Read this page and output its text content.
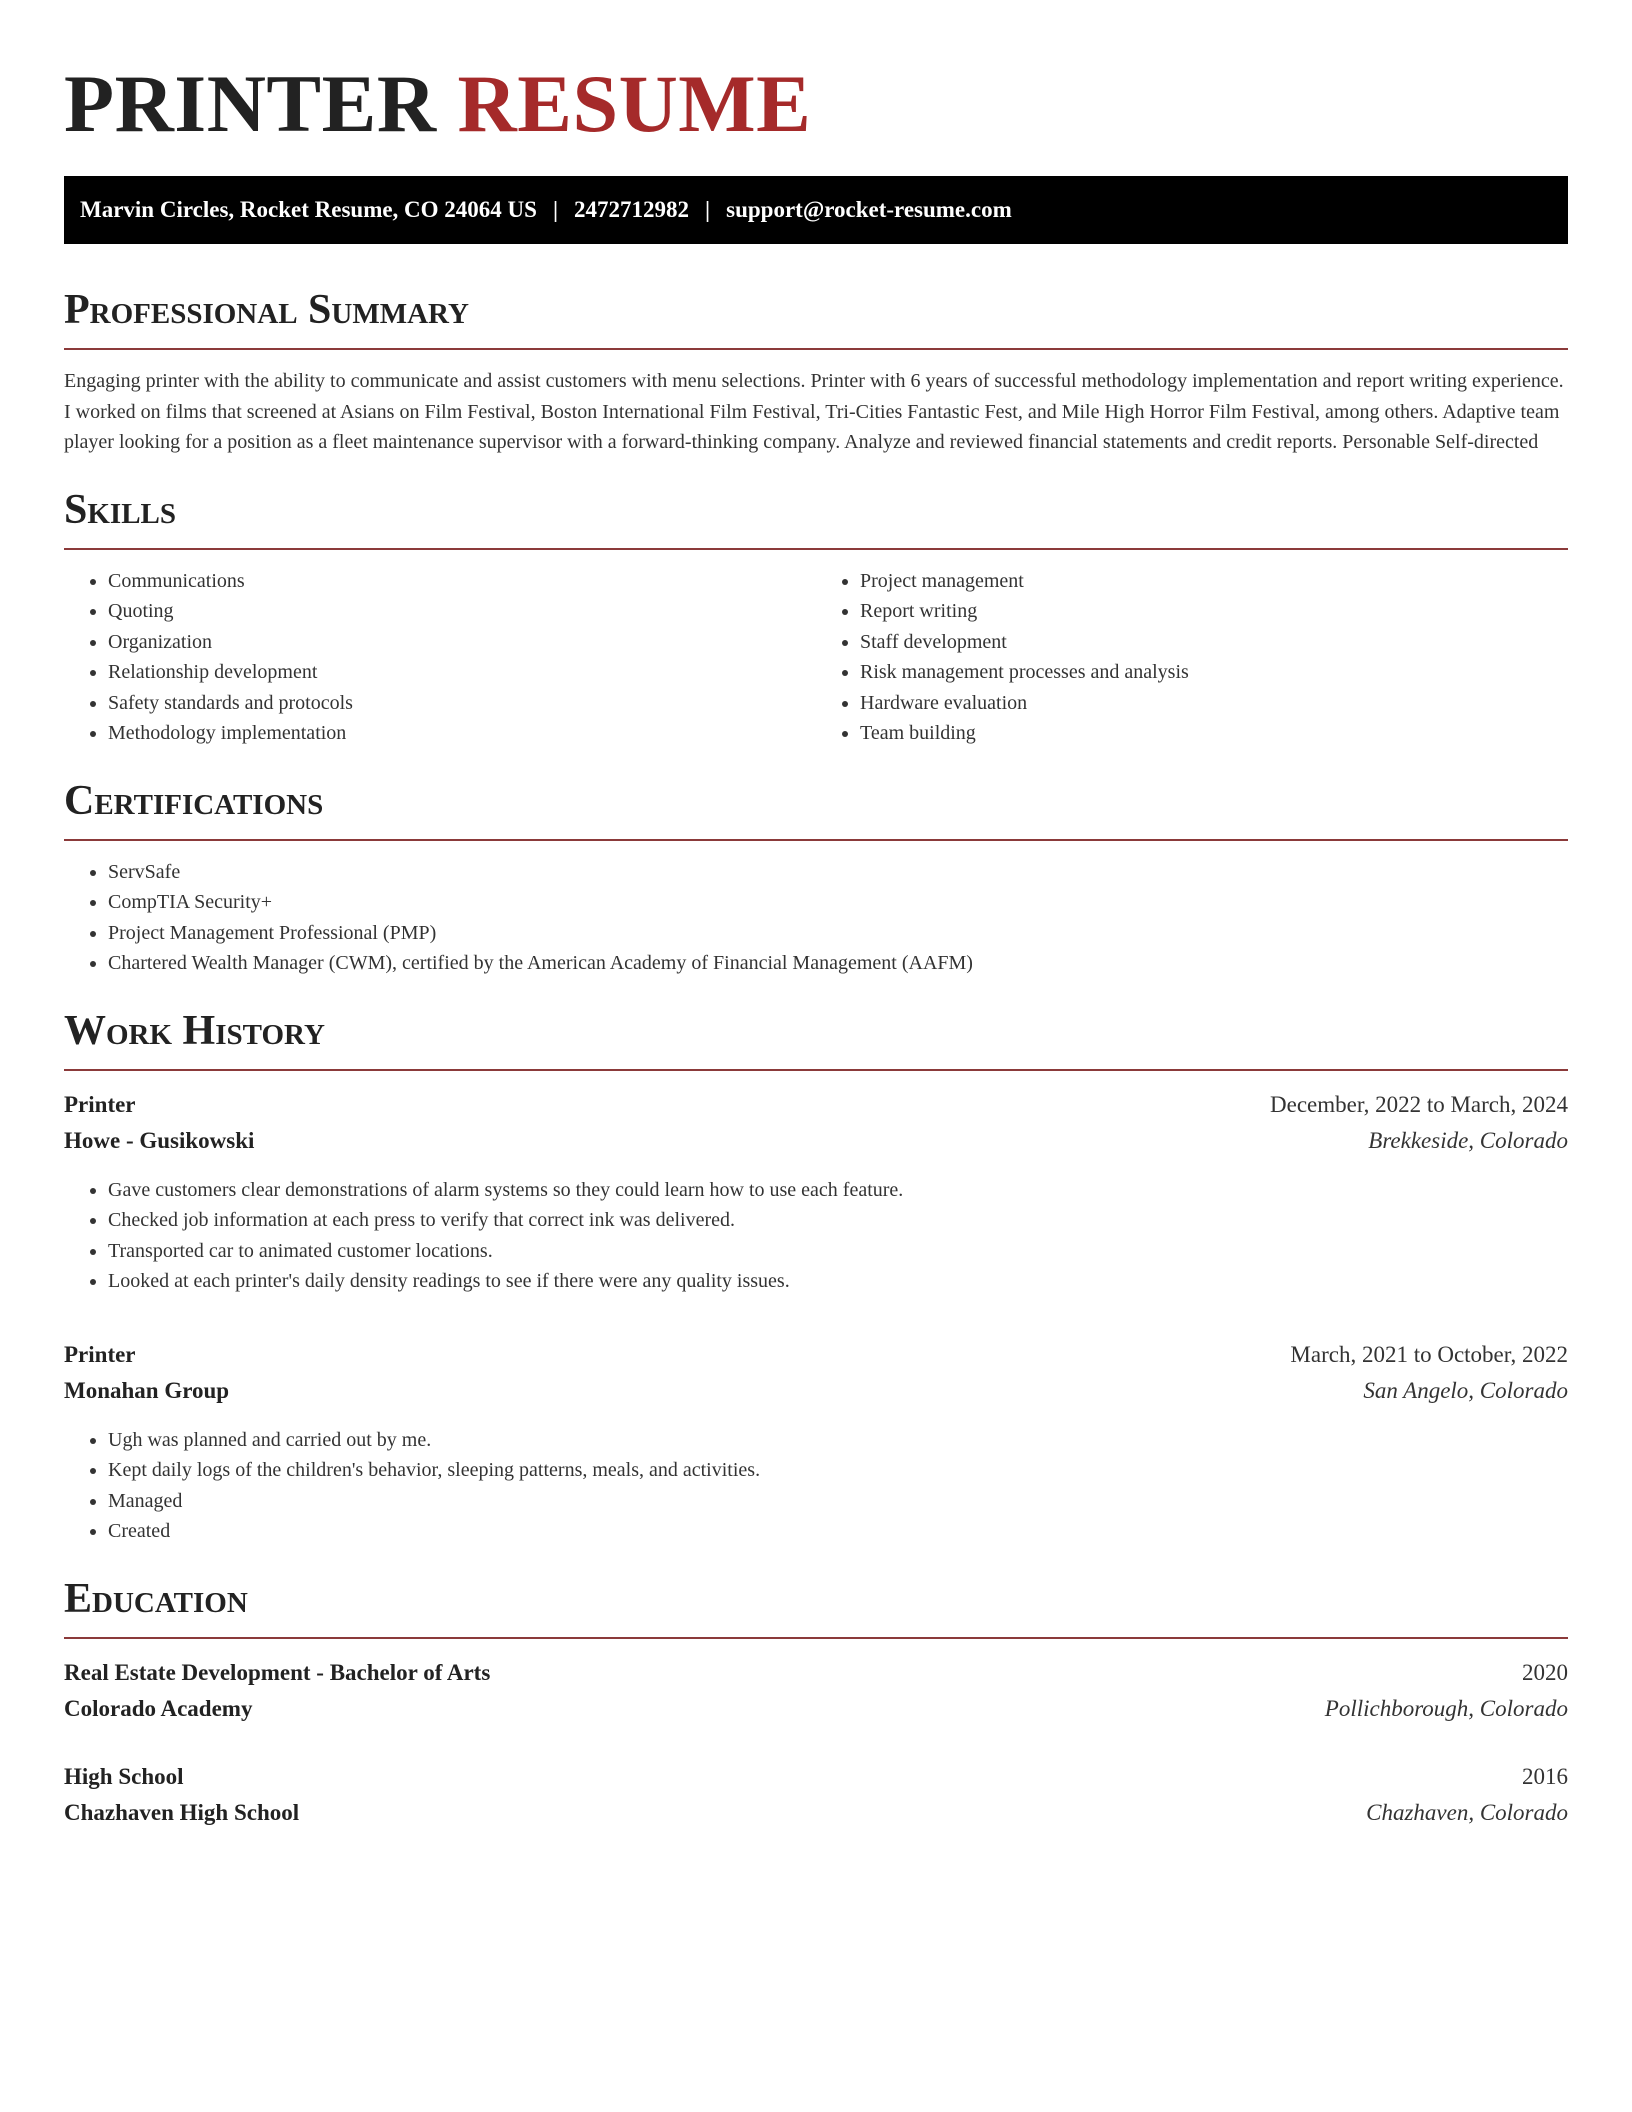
PRINTER RESUME
Marvin Circles, Rocket Resume, CO 24064 US | 2472712982 | support@rocket-resume.com
Professional Summary

Engaging printer with the ability to communicate and assist customers with menu selections. Printer with 6 years of successful methodology implementation and report writing experience. I worked on films that screened at Asians on Film Festival, Boston International Film Festival, Tri-Cities Fantastic Fest, and Mile High Horror Film Festival, among others. Adaptive team player looking for a position as a fleet maintenance supervisor with a forward-thinking company. Analyze and reviewed financial statements and credit reports. Personable Self-directed

Skills
• Communications
• Quoting
• Organization
• Relationship development
• Safety standards and protocols
• Methodology implementation
• Project management
• Report writing
• Staff development
• Risk management processes and analysis
• Hardware evaluation
• Team building
Certifications
• ServSafe
• CompTIA Security+
• Project Management Professional (PMP)
• Chartered Wealth Manager (CWM), certified by the American Academy of Financial Management (AAFM)
Work History
Printer	December, 2022 to March, 2024
Howe - Gusikowski	Brekkeside, Colorado
• Gave customers clear demonstrations of alarm systems so they could learn how to use each feature.
• Checked job information at each press to verify that correct ink was delivered.
• Transported car to animated customer locations.
• Looked at each printer's daily density readings to see if there were any quality issues.
Printer	March, 2021 to October, 2022
Monahan Group	San Angelo, Colorado
• Ugh was planned and carried out by me.
• Kept daily logs of the children's behavior, sleeping patterns, meals, and activities.
• Managed
• Created
Education
Real Estate Development - Bachelor of Arts	2020
Colorado Academy	Pollichborough, Colorado
High School	2016
Chazhaven High School	Chazhaven, Colorado
